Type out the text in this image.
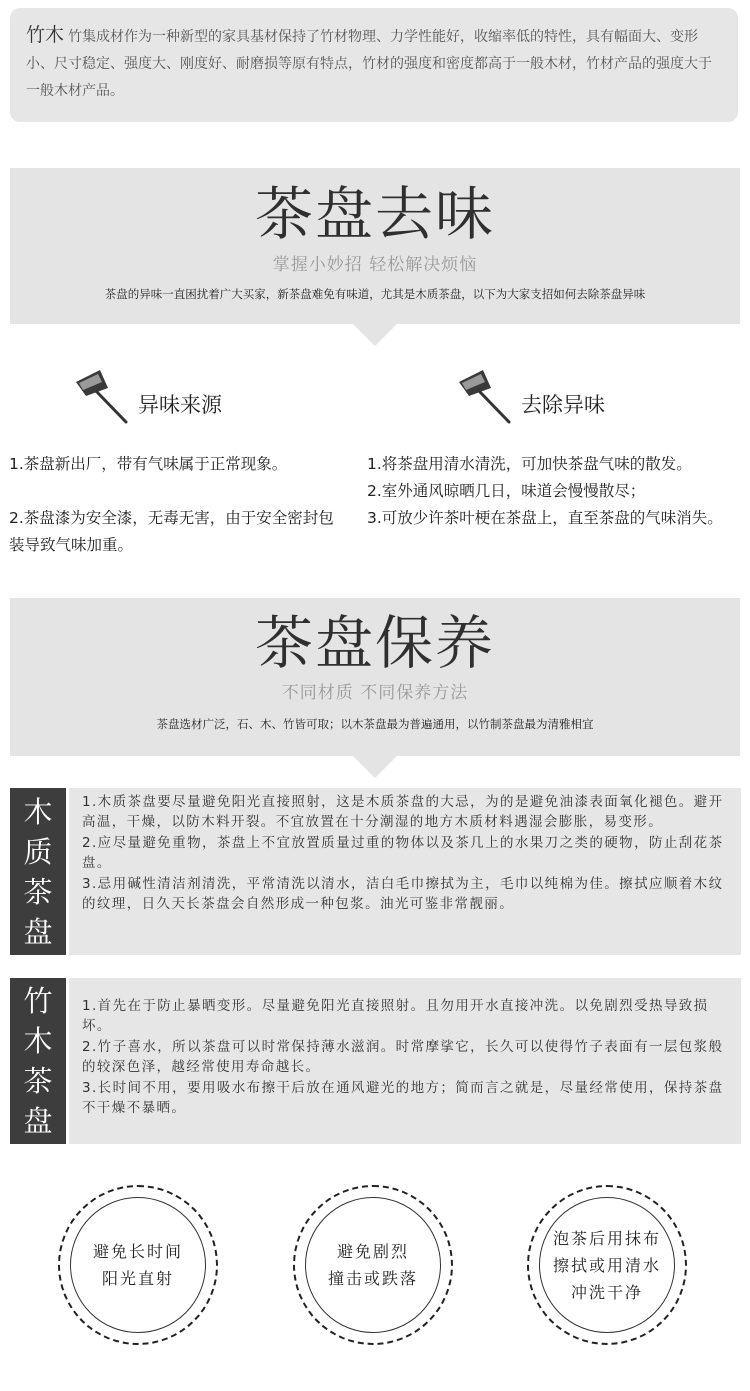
竹木 竹集成材作为一种新型的家具基材保持了竹材物理、力学性能好，收缩率低的特性，具有幅面大、变形小、尺寸稳定、强度大、刚度好、耐磨损等原有特点，竹材的强度和密度都高于一般木材，竹材产品的强度大于一般木材产品。

茶盘去味
掌握小妙招 轻松解决烦恼
茶盘的异味一直困扰着广大买家，新茶盘难免有味道，尤其是木质茶盘，以下为大家支招如何去除茶盘异味
异味来源

1.茶盘新出厂，带有气味属于正常现象。

2.茶盘漆为安全漆，无毒无害，由于安全密封包装导致气味加重。

去除异味

1.将茶盘用清水清洗，可加快茶盘气味的散发。

2.室外通风晾晒几日，味道会慢慢散尽；

3.可放少许茶叶梗在茶盘上，直至茶盘的气味消失。

茶盘保养
不同材质 不同保养方法
茶盘选材广泛，石、木、竹皆可取；以木茶盘最为普遍通用，以竹制茶盘最为清雅相宜
木
质
茶
盘

1.木质茶盘要尽量避免阳光直接照射，这是木质茶盘的大忌，为的是避免油漆表面氧化褪色。避开高温，干燥，以防木料开裂。不宜放置在十分潮湿的地方木质材料遇湿会膨胀，易变形。

2.应尽量避免重物，茶盘上不宜放置质量过重的物体以及茶几上的水果刀之类的硬物，防止刮花茶盘。

3.忌用碱性清洁剂清洗，平常清洗以清水，洁白毛巾擦拭为主，毛巾以纯棉为佳。擦拭应顺着木纹的纹理，日久天长茶盘会自然形成一种包浆。油光可鉴非常靓丽。

竹
木
茶
盘

1.首先在于防止暴晒变形。尽量避免阳光直接照射。且勿用开水直接冲洗。以免剧烈受热导致损坏。

2.竹子喜水，所以茶盘可以时常保持薄水滋润。时常摩挲它，长久可以使得竹子表面有一层包浆般的较深色泽，越经常使用寿命越长。

3.长时间不用，要用吸水布擦干后放在通风避光的地方；简而言之就是，尽量经常使用，保持茶盘不干燥不暴晒。

避免长时间
阳光直射
避免剧烈
撞击或跌落
泡茶后用抹布
擦拭或用清水
冲洗干净
